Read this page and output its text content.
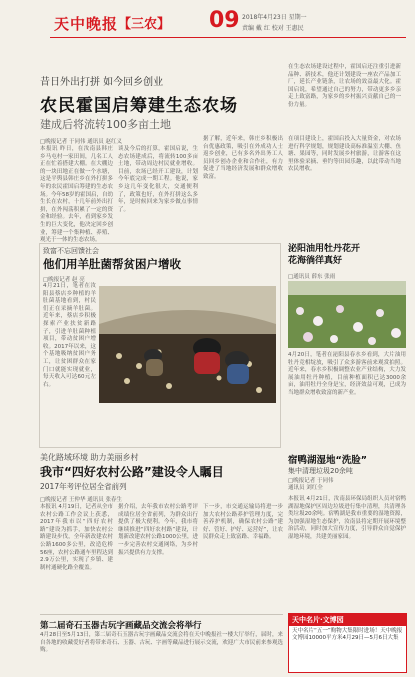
天中晚报 【三农】 09 2018年4月23日 星期一
责编 戴 红 校对 王惠民
昔日外出打拼 如今回乡创业
农民霍国启筹建生态农场
建成后将流转100多亩土地
□晚报记者 于同伟 通讯员 赵红义
本报讯 昨日，在汝南县韩庄乡马屯村一家田间，几名工人正在忙着搭建大棚。在大棚边的一块田地正在做一个水塘，这是平舆县韩庄乡在外打拼多年的农民霍国启筹建的生态农场。今年58岁的霍国启，自幼生长在农村，十几年前外出打拼，在外闯荡积累了一定的资金和经验。去年，看到家乡发生的巨大变化，他决定回乡创业，筹建一个集种植、养殖、观光于一体的生态农场。
谈及今后的打算，霍国启说，生态农场建成后，将流转100多亩土地，带动周边村民就业增收。目前，农场已经开工建设，计划今年底完成一期工程。他说，家乡这几年变化很大，交通便利了，政策也好，在外打拼这么多年，是时候回来为家乡做点事情了。
据了解，近年来，韩庄乡积极出台优惠政策，吸引在外成功人士返乡创业，已有多名外出务工人员回乡创办企业和合作社，有力促进了当地经济发展和群众增收致富。
在项目建设上，霍国启投入大量资金，对农场进行科学规划，规划建设高标准温室大棚、鱼塘、果园等，同时发展乡村旅游，让游客在这里体验采摘、垂钓等田园乐趣，以此带动当地农民增收。
在生态农场建设过程中，霍国启还注重引进新品种、新技术，他还计划建设一座农产品加工厂，延长产业链条，让农场的效益最大化。霍国启说，希望通过自己的努力，带动更多乡亲走上致富路，为家乡的乡村振兴贡献自己的一份力量。
致富不忘回馈社会
他们用羊肚菌帮贫困户增收
□晚报记者 赵 亮
4月21日，笔者在汝阳县蔡店乡种植的羊肚菌基地看到，村民们正在采摘羊肚菌。近年来，蔡店乡积极探索产业扶贫新路子，引进羊肚菌种植项目，带动贫困户增收。2017年以来，这个基地吸纳贫困户务工，让贫困群众在家门口就能实现就业，每天收入可达60元左右。
美化路域环境 助力美丽乡村
我市“四好农村公路”建设令人瞩目
2017年考评位居全省前列
□晚报记者 王仲华 通讯员 张春生
本报讯 4月19日，记者从全市农村公路工作会议上获悉，2017年我市以“四好农村路”建设为抓手，加快农村公路建设步伐，全年新改建农村公路1600多公里，改造危桥56座，农村公路通车里程达到2.9万公里，实现了乡镇、建制村通硬化路全覆盖。
据介绍，去年我市农村公路考评成绩位居全省前列，为群众出行提供了极大便利。今年，我市将继续推进“四好农村路”建设，计划新改建农村公路1000公里，进一步完善农村交通网络，为乡村振兴提供有力支撑。
下一步，市交通运输局将进一步加大农村公路养护管理力度，完善养护机制，确保农村公路“建好、管好、护好、运营好”，让农民群众走上致富路、幸福路。
第二届奇石玉器古玩字画藏品交流会将举行
4月28日至5月13日，第二届奇石玉器古玩字画藏品交流会将在天中晚报社一楼大厅举行，届时，来自各地的收藏爱好者将带来奇石、玉器、古玩、字画等藏品进行展示交流，欢迎广大市民前来参观选购。
泌阳油用牡丹花开
花海徜徉真好
□通讯员 薛东 张雨
4月20日，笔者在泌阳县春水乡看到，大片油用牡丹竞相绽放，吸引了众多游客前来观赏拍照。近年来，春水乡积极调整农业产业结构，大力发展油用牡丹种植，目前种植面积已达3000余亩，油用牡丹全身是宝，经济效益可观，已成为当地群众增收致富的新产业。
宿鸭湖湿地“洗脸”
集中清理垃圾20余吨
□晚报记者 于同伟
通讯员 刘红全
本报讯 4月21日，汝南县环保局组织人员对宿鸭湖湿地保护区周边垃圾进行集中清理，共清理各类垃圾20余吨。宿鸭湖是我市重要的湿地资源，为加强湿地生态保护，汝南县将定期开展环境整治活动，同时加大宣传力度，引导群众自觉保护湿地环境，共建美丽家园。
天中名片·文博园
天中名片“五一”购物大集限时进场！天中晚报文博园10000平方米4月29日—5月6日大集
